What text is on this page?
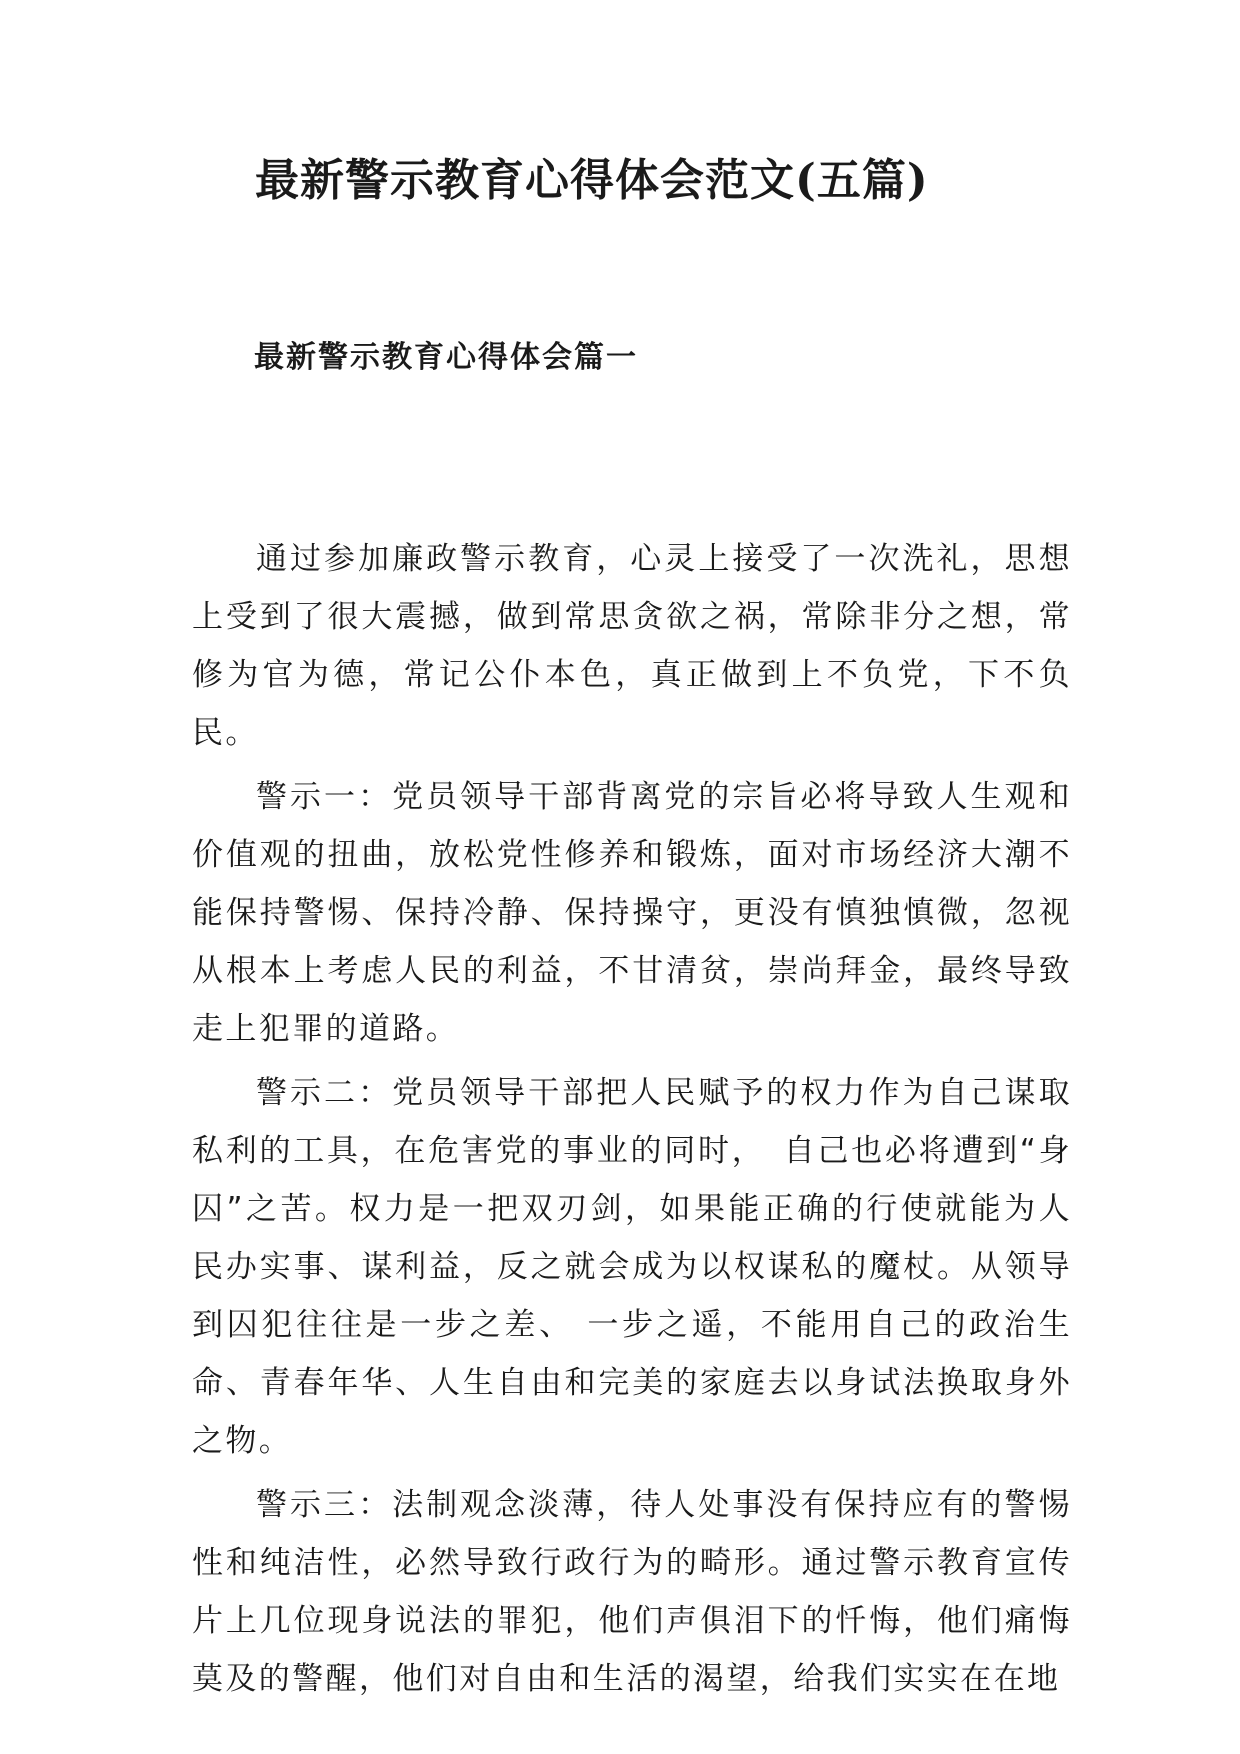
最新警示教育心得体会范文(五篇)
最新警示教育心得体会篇一

通过参加廉政警示教育，心灵上接受了一次洗礼，思想上受到了很大震撼，做到常思贪欲之祸，常除非分之想，常修为官为德，常记公仆本色，真正做到上不负党，下不负民。

警示一：党员领导干部背离党的宗旨必将导致人生观和价值观的扭曲，放松党性修养和锻炼，面对市场经济大潮不能保持警惕、保持冷静、保持操守，更没有慎独慎微，忽视从根本上考虑人民的利益，不甘清贫，崇尚拜金，最终导致走上犯罪的道路。

警示二：党员领导干部把人民赋予的权力作为自己谋取私利的工具，在危害党的事业的同时，　自己也必将遭到“身囚”之苦。权力是一把双刃剑，如果能正确的行使就能为人民办实事、谋利益，反之就会成为以权谋私的魔杖。从领导到囚犯往往是一步之差、 一步之遥，不能用自己的政治生命、青春年华、人生自由和完美的家庭去以身试法换取身外之物。

警示三：法制观念淡薄，待人处事没有保持应有的警惕性和纯洁性，必然导致行政行为的畸形。通过警示教育宣传片上几位现身说法的罪犯，他们声俱泪下的忏悔，他们痛悔莫及的警醒，他们对自由和生活的渴望，给我们实实在在地
